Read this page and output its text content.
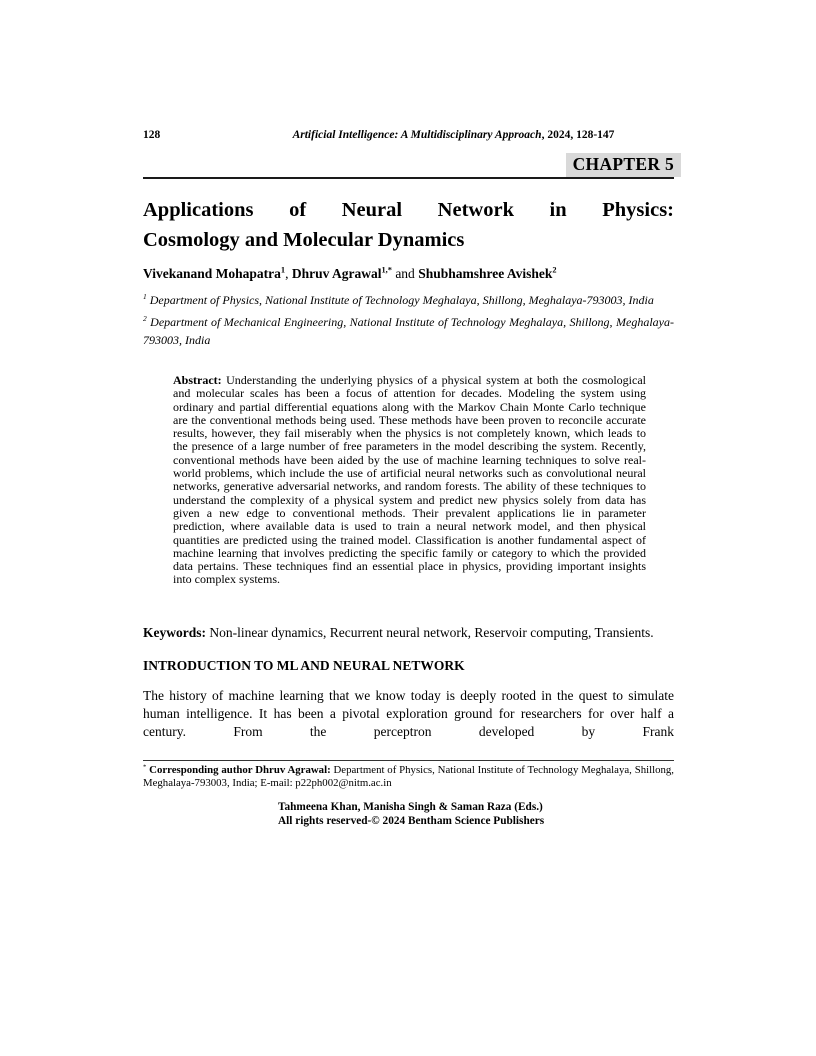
128	Artificial Intelligence: A Multidisciplinary Approach, 2024, 128-147
CHAPTER 5
Applications of Neural Network in Physics:
Cosmology and Molecular Dynamics

Vivekanand Mohapatra$^1$, Dhruv Agrawal$^{1,*}$ and Shubhamshree Avishek$^2$

$^1$ Department of Physics, National Institute of Technology Meghalaya, Shillong, Meghalaya-793003, India

$^2$ Department of Mechanical Engineering, National Institute of Technology Meghalaya, Shillong, Meghalaya-793003, India

Abstract: Understanding the underlying physics of a physical system at both the cosmological and molecular scales has been a focus of attention for decades. Modeling the system using ordinary and partial differential equations along with the Markov Chain Monte Carlo technique are the conventional methods being used. These methods have been proven to reconcile accurate results, however, they fail miserably when the physics is not completely known, which leads to the presence of a large number of free parameters in the model describing the system. Recently, conventional methods have been aided by the use of machine learning techniques to solve real-world problems, which include the use of artificial neural networks such as convolutional neural networks, generative adversarial networks, and random forests. The ability of these techniques to understand the complexity of a physical system and predict new physics solely from data has given a new edge to conventional methods. Their prevalent applications lie in parameter prediction, where available data is used to train a neural network model, and then physical quantities are predicted using the trained model. Classification is another fundamental aspect of machine learning that involves predicting the specific family or category to which the provided data pertains. These techniques find an essential place in physics, providing important insights into complex systems.

Keywords: Non-linear dynamics, Recurrent neural network, Reservoir computing, Transients.

INTRODUCTION TO ML AND NEURAL NETWORK

The history of machine learning that we know today is deeply rooted in the quest to simulate human intelligence. It has been a pivotal exploration ground for researchers for over half a century. From the perceptron developed by Frank

* Corresponding author Dhruv Agrawal: Department of Physics, National Institute of Technology Meghalaya, Shillong, Meghalaya-793003, India; E-mail: p22ph002@nitm.ac.in

Tahmeena Khan, Manisha Singh & Saman Raza (Eds.)
All rights reserved-© 2024 Bentham Science Publishers
